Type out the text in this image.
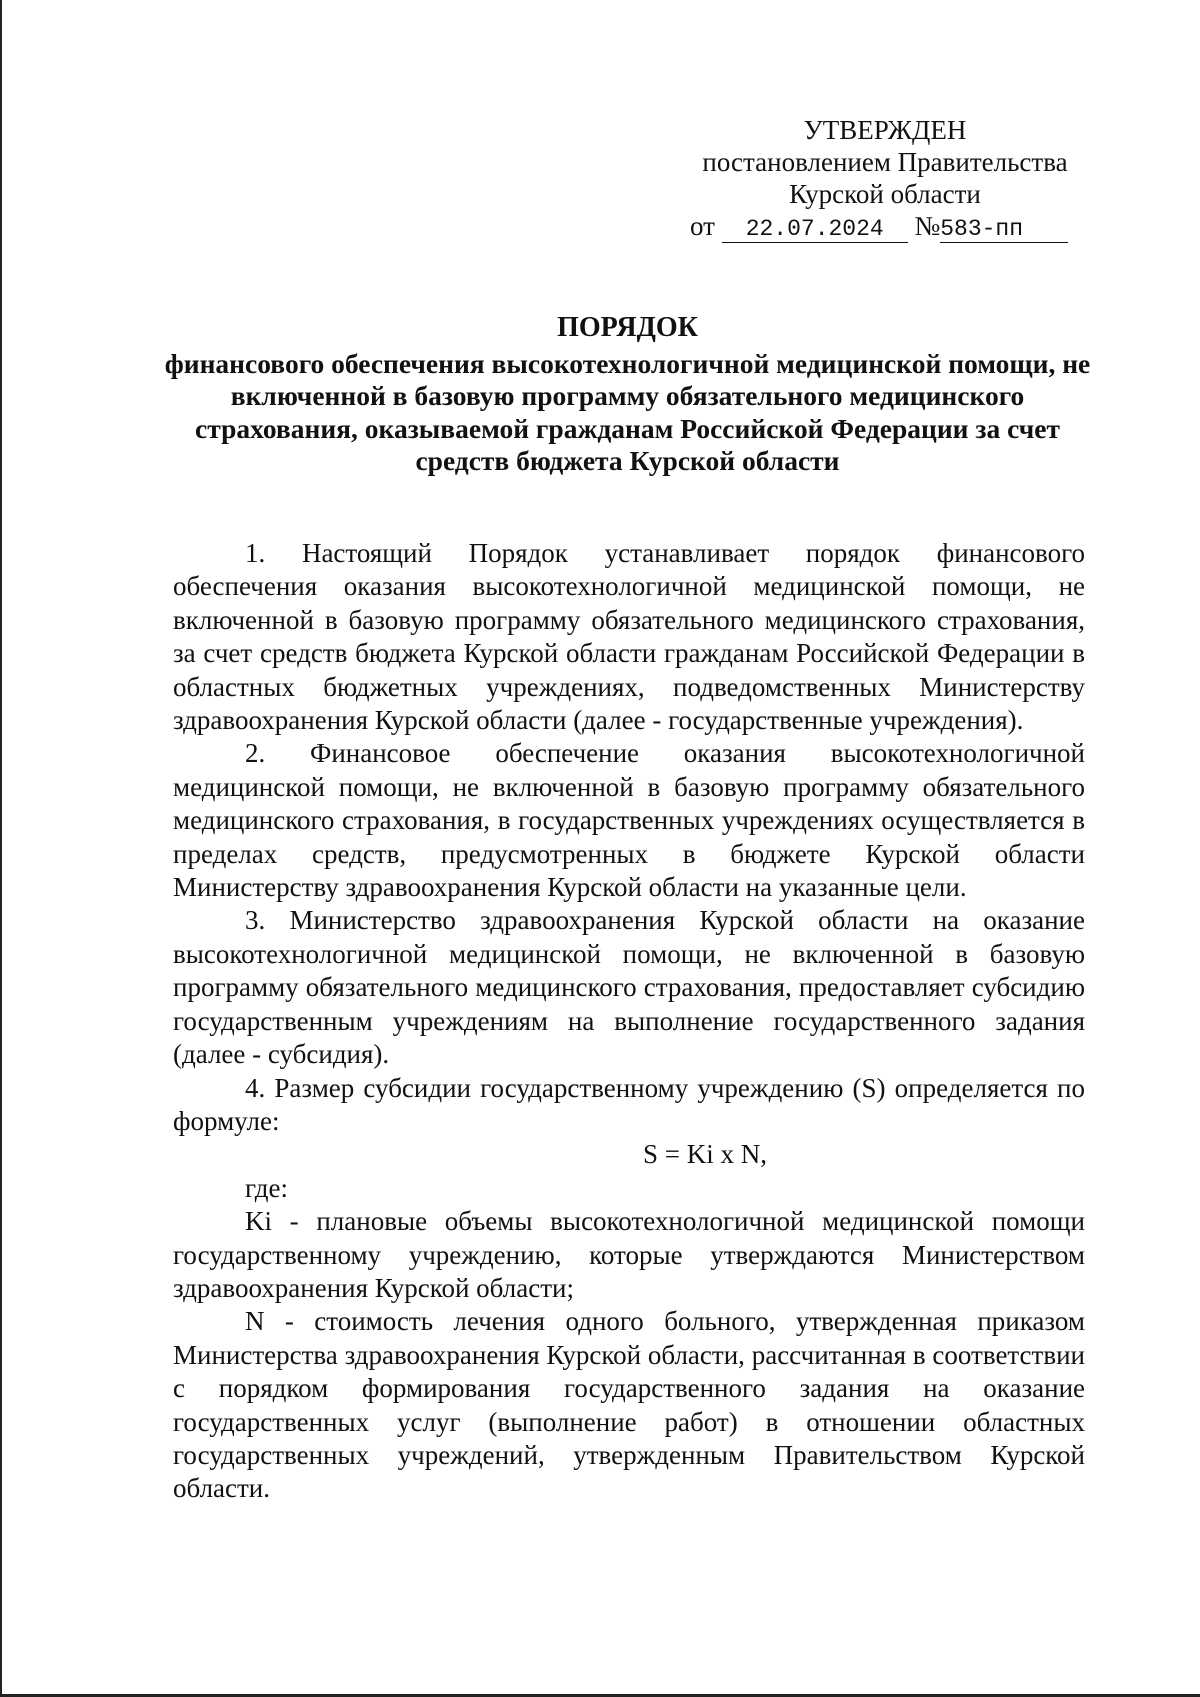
УТВЕРЖДЕН
постановлением Правительства
Курской области
от 22.07.2024 №583-пп
ПОРЯДОК
финансового обеспечения высокотехнологичной медицинской помощи, не включенной в базовую программу обязательного медицинского страхования, оказываемой гражданам Российской Федерации за счет средств бюджета Курской области

1. Настоящий Порядок устанавливает порядок финансового обеспечения оказания высокотехнологичной медицинской помощи, не включенной в базовую программу обязательного медицинского страхования, за счет средств бюджета Курской области гражданам Российской Федерации в областных бюджетных учреждениях, подведомственных Министерству здравоохранения Курской области (далее - государственные учреждения).

2. Финансовое обеспечение оказания высокотехнологичной медицинской помощи, не включенной в базовую программу обязательного медицинского страхования, в государственных учреждениях осуществляется в пределах средств, предусмотренных в бюджете Курской области Министерству здравоохранения Курской области на указанные цели.

3. Министерство здравоохранения Курской области на оказание высокотехнологичной медицинской помощи, не включенной в базовую программу обязательного медицинского страхования, предоставляет субсидию государственным учреждениям на выполнение государственного задания (далее - субсидия).

4. Размер субсидии государственному учреждению (S) определяется по формуле:

S = Ki x N,

где:

Ki - плановые объемы высокотехнологичной медицинской помощи государственному учреждению, которые утверждаются Министерством здравоохранения Курской области;

N - стоимость лечения одного больного, утвержденная приказом Министерства здравоохранения Курской области, рассчитанная в соответствии с порядком формирования государственного задания на оказание государственных услуг (выполнение работ) в отношении областных государственных учреждений, утвержденным Правительством Курской области.
